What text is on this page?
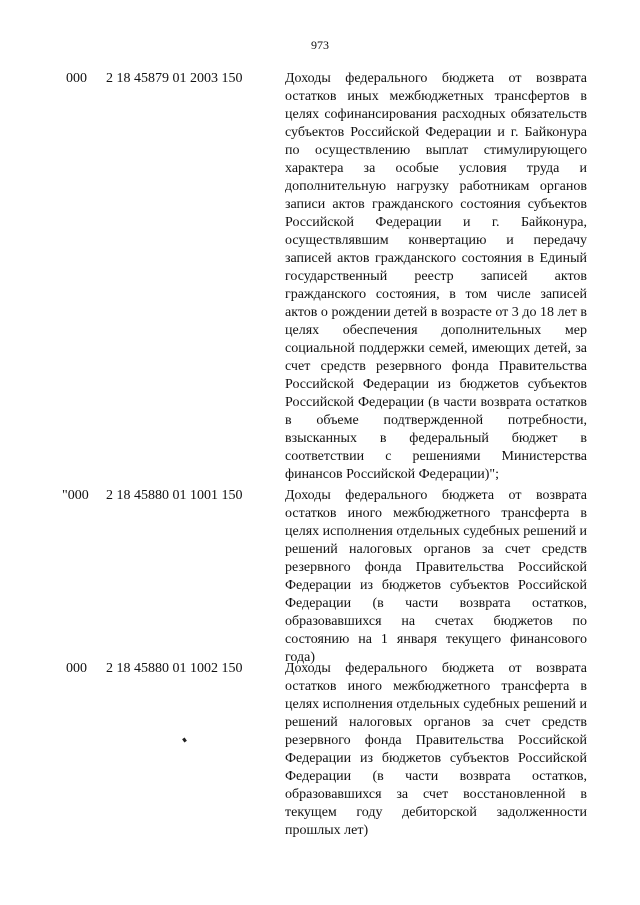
973
000 2 18 45879 01 2003 150	Доходы федерального бюджета от возврата остатков иных межбюджетных трансфертов в целях софинансирования расходных обязательств субъектов Российской Федерации и г. Байконура по осуществлению выплат стимулирующего характера за особые условия труда и дополнительную нагрузку работникам органов записи актов гражданского состояния субъектов Российской Федерации и г. Байконура, осуществлявшим конвертацию и передачу записей актов гражданского состояния в Единый государственный реестр записей актов гражданского состояния, в том числе записей актов о рождении детей в возрасте от 3 до 18 лет в целях обеспечения дополнительных мер социальной поддержки семей, имеющих детей, за счет средств резервного фонда Правительства Российской Федерации из бюджетов субъектов Российской Федерации (в части возврата остатков в объеме подтвержденной потребности, взысканных в федеральный бюджет в соответствии с решениями Министерства финансов Российской Федерации)";
"000 2 18 45880 01 1001 150	Доходы федерального бюджета от возврата остатков иного межбюджетного трансферта в целях исполнения отдельных судебных решений и решений налоговых органов за счет средств резервного фонда Правительства Российской Федерации из бюджетов субъектов Российской Федерации (в части возврата остатков, образовавшихся на счетах бюджетов по состоянию на 1 января текущего финансового года)
000 2 18 45880 01 1002 150	Доходы федерального бюджета от возврата остатков иного межбюджетного трансферта в целях исполнения отдельных судебных решений и решений налоговых органов за счет средств резервного фонда Правительства Российской Федерации из бюджетов субъектов Российской Федерации (в части возврата остатков, образовавшихся за счет восстановленной в текущем году дебиторской задолженности прошлых лет)
